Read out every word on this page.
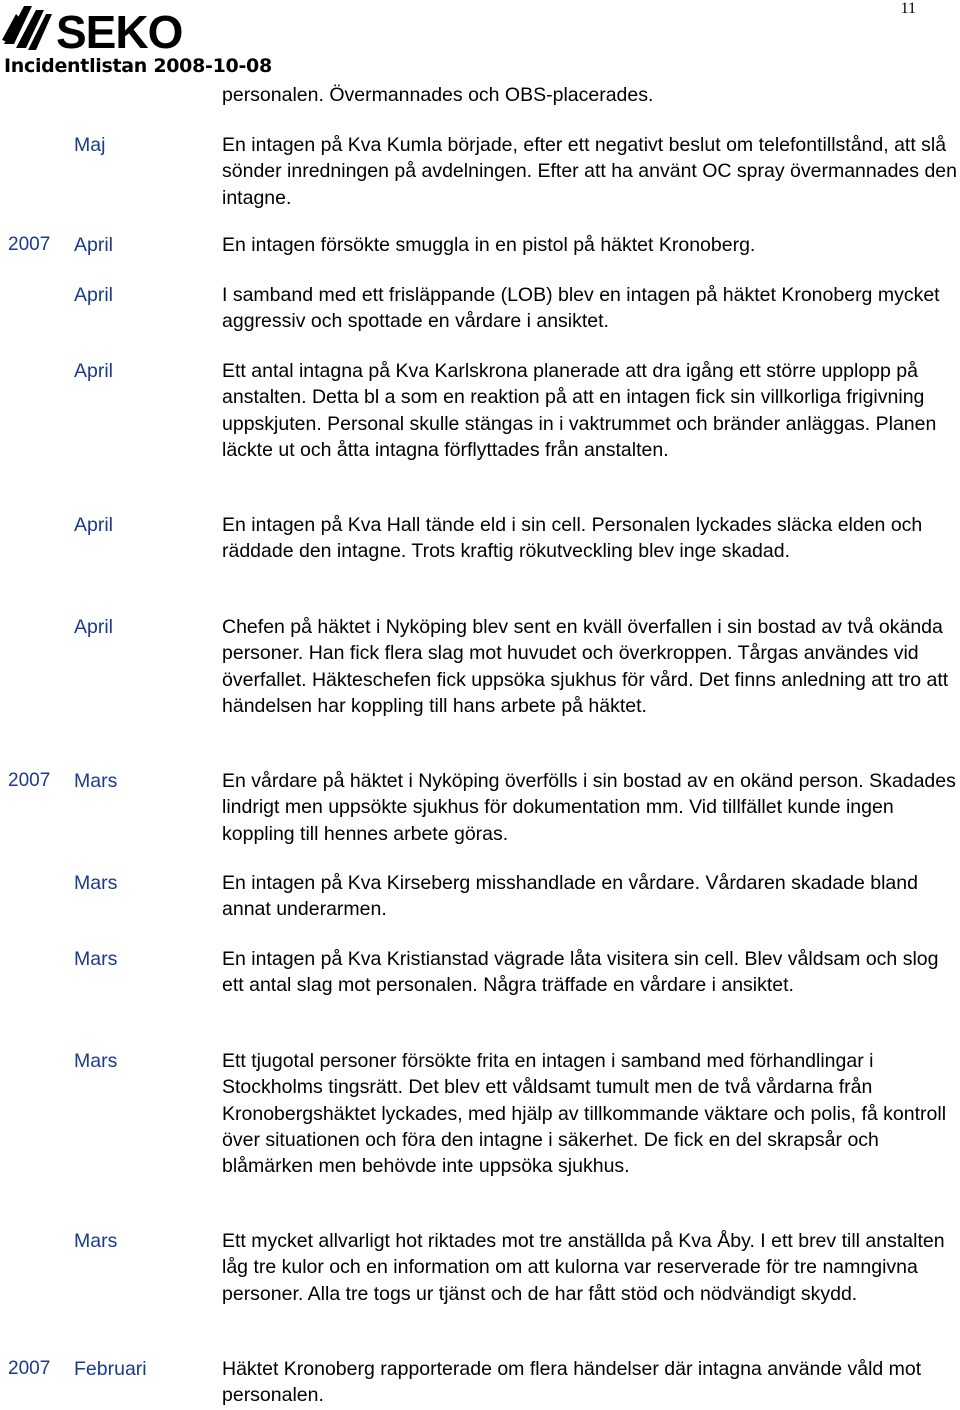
SEKO
Incidentlistan 2008-10-08
11
personalen. Övermannades och OBS-placerades.
Maj	En intagen på Kva Kumla började, efter ett negativt beslut om telefontillstånd, att slå sönder inredningen på avdelningen. Efter att ha använt OC spray övermannades den intagne.
2007 April	En intagen försökte smuggla in en pistol på häktet Kronoberg.
April	I samband med ett frisläppande (LOB) blev en intagen på häktet Kronoberg mycket aggressiv och spottade en vårdare i ansiktet.
April	Ett antal intagna på Kva Karlskrona planerade att dra igång ett större upplopp på anstalten. Detta bl a som en reaktion på att en intagen fick sin villkorliga frigivning uppskjuten. Personal skulle stängas in i vaktrummet och bränder anläggas. Planen läckte ut och åtta intagna förflyttades från anstalten.
April	En intagen på Kva Hall tände eld i sin cell. Personalen lyckades släcka elden och räddade den intagne. Trots kraftig rökutveckling blev inge skadad.
April	Chefen på häktet i Nyköping blev sent en kväll överfallen i sin bostad av två okända personer. Han fick flera slag mot huvudet och överkroppen. Tårgas användes vid överfallet. Häkteschefen fick uppsöka sjukhus för vård. Det finns anledning att tro att händelsen har koppling till hans arbete på häktet.
2007 Mars	En vårdare på häktet i Nyköping överfölls i sin bostad av en okänd person. Skadades lindrigt men uppsökte sjukhus för dokumentation mm. Vid tillfället kunde ingen koppling till hennes arbete göras.
Mars	En intagen på Kva Kirseberg misshandlade en vårdare. Vårdaren skadade bland annat underarmen.
Mars	En intagen på Kva Kristianstad vägrade låta visitera sin cell. Blev våldsam och slog ett antal slag mot personalen. Några träffade en vårdare i ansiktet.
Mars	Ett tjugotal personer försökte frita en intagen i samband med förhandlingar i Stockholms tingsrätt. Det blev ett våldsamt tumult men de två vårdarna från Kronobergshäktet lyckades, med hjälp av tillkommande väktare och polis, få kontroll över situationen och föra den intagne i säkerhet. De fick en del skrapsår och blåmärken men behövde inte uppsöka sjukhus.
Mars	Ett mycket allvarligt hot riktades mot tre anställda på Kva Åby. I ett brev till anstalten låg tre kulor och en information om att kulorna var reserverade för tre namngivna personer. Alla tre togs ur tjänst och de har fått stöd och nödvändigt skydd.
2007 Februari	Häktet Kronoberg rapporterade om flera händelser där intagna använde våld mot personalen.
